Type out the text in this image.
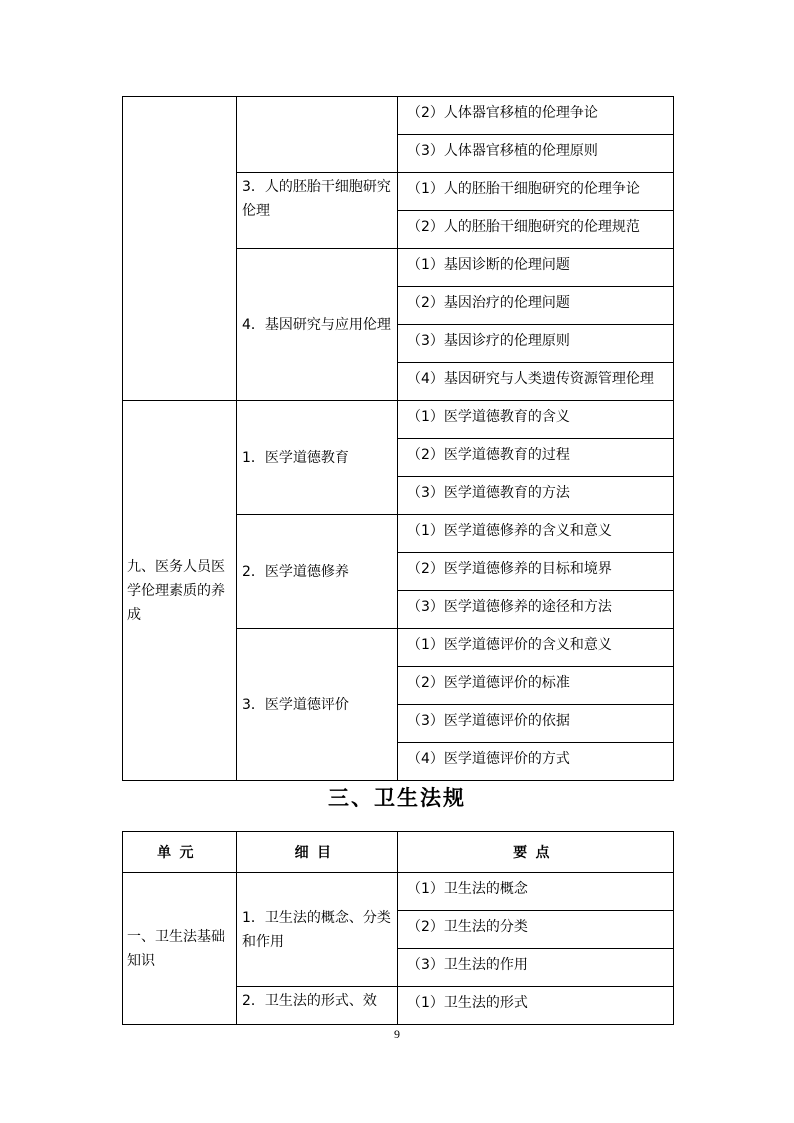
		（2）人体器官移植的伦理争论
		（3）人体器官移植的伦理原则
	3．人的胚胎干细胞研究伦理	（1）人的胚胎干细胞研究的伦理争论
		（2）人的胚胎干细胞研究的伦理规范
	4．基因研究与应用伦理	（1）基因诊断的伦理问题
		（2）基因治疗的伦理问题
		（3）基因诊疗的伦理原则
		（4）基因研究与人类遗传资源管理伦理
九、医务人员医学伦理素质的养成	1．医学道德教育	（1）医学道德教育的含义
		（2）医学道德教育的过程
		（3）医学道德教育的方法
	2．医学道德修养	（1）医学道德修养的含义和意义
		（2）医学道德修养的目标和境界
		（3）医学道德修养的途径和方法
	3．医学道德评价	（1）医学道德评价的含义和意义
		（2）医学道德评价的标准
		（3）医学道德评价的依据
		（4）医学道德评价的方式
三、卫生法规
单元	细目	要点
一、卫生法基础知识	1．卫生法的概念、分类和作用	（1）卫生法的概念
		（2）卫生法的分类
		（3）卫生法的作用
	2．卫生法的形式、效	（1）卫生法的形式
9
